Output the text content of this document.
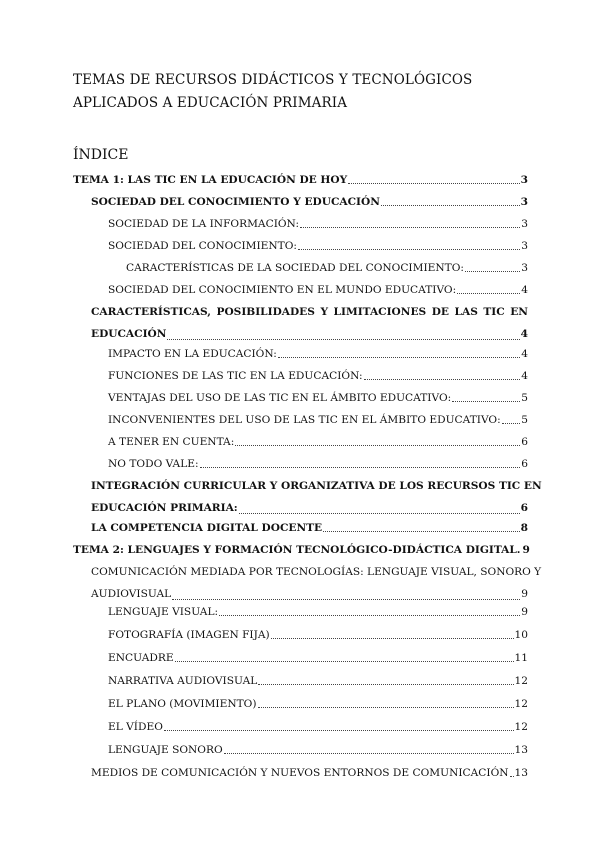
TEMAS DE RECURSOS DIDÁCTICOS Y TECNOLÓGICOS
APLICADOS A EDUCACIÓN PRIMARIA
ÍNDICE
TEMA 1: LAS TIC EN LA EDUCACIÓN DE HOY	3
SOCIEDAD DEL CONOCIMIENTO Y EDUCACIÓN	3
SOCIEDAD DE LA INFORMACIÓN:	3
SOCIEDAD DEL CONOCIMIENTO:	3
CARACTERÍSTICAS DE LA SOCIEDAD DEL CONOCIMIENTO:	3
SOCIEDAD DEL CONOCIMIENTO EN EL MUNDO EDUCATIVO:	4
CARACTERÍSTICAS, POSIBILIDADES Y LIMITACIONES DE LAS TIC EN
EDUCACIÓN	4
IMPACTO EN LA EDUCACIÓN:	4
FUNCIONES DE LAS TIC EN LA EDUCACIÓN:	4
VENTAJAS DEL USO DE LAS TIC EN EL ÁMBITO EDUCATIVO:	5
INCONVENIENTES DEL USO DE LAS TIC EN EL ÁMBITO EDUCATIVO: 5
A TENER EN CUENTA:	6
NO TODO VALE:	6
INTEGRACIÓN CURRICULAR Y ORGANIZATIVA DE LOS RECURSOS TIC EN
EDUCACIÓN PRIMARIA:	6
LA COMPETENCIA DIGITAL DOCENTE	8
TEMA 2: LENGUAJES Y FORMACIÓN TECNOLÓGICO-DIDÁCTICA DIGITAL. 9
COMUNICACIÓN MEDIADA POR TECNOLOGÍAS: LENGUAJE VISUAL, SONORO Y
AUDIOVISUAL	9
LENGUAJE VISUAL:	9
FOTOGRAFÍA (IMAGEN FIJA)	10
ENCUADRE	11
NARRATIVA AUDIOVISUAL	12
EL PLANO (MOVIMIENTO)	12
EL VÍDEO	12
LENGUAJE SONORO	13
MEDIOS DE COMUNICACIÓN Y NUEVOS ENTORNOS DE COMUNICACIÓN 13
